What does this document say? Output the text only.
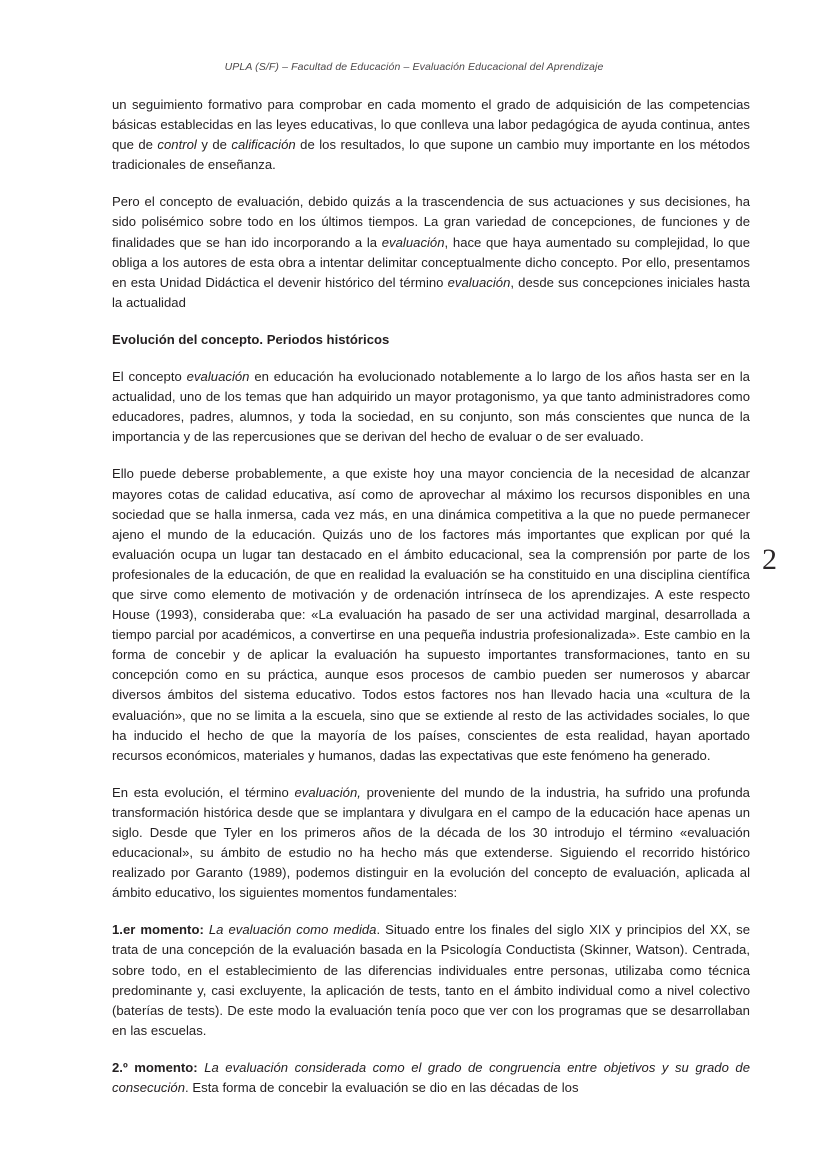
UPLA (S/F) – Facultad de Educación – Evaluación Educacional del Aprendizaje
2

un seguimiento formativo para comprobar en cada momento el grado de adquisición de las competencias básicas establecidas en las leyes educativas, lo que conlleva una labor pedagógica de ayuda continua, antes que de control y de calificación de los resultados, lo que supone un cambio muy importante en los métodos tradicionales de enseñanza.

Pero el concepto de evaluación, debido quizás a la trascendencia de sus actuaciones y sus decisiones, ha sido polisémico sobre todo en los últimos tiempos. La gran variedad de concepciones, de funciones y de finalidades que se han ido incorporando a la evaluación, hace que haya aumentado su complejidad, lo que obliga a los autores de esta obra a intentar delimitar conceptualmente dicho concepto. Por ello, presentamos en esta Unidad Didáctica el devenir histórico del término evaluación, desde sus concepciones iniciales hasta la actualidad

Evolución del concepto. Periodos históricos

El concepto evaluación en educación ha evolucionado notablemente a lo largo de los años hasta ser en la actualidad, uno de los temas que han adquirido un mayor protagonismo, ya que tanto administradores como educadores, padres, alumnos, y toda la sociedad, en su conjunto, son más conscientes que nunca de la importancia y de las repercusiones que se derivan del hecho de evaluar o de ser evaluado.

Ello puede deberse probablemente, a que existe hoy una mayor conciencia de la necesidad de alcanzar mayores cotas de calidad educativa, así como de aprovechar al máximo los recursos disponibles en una sociedad que se halla inmersa, cada vez más, en una dinámica competitiva a la que no puede permanecer ajeno el mundo de la educación. Quizás uno de los factores más importantes que explican por qué la evaluación ocupa un lugar tan destacado en el ámbito educacional, sea la comprensión por parte de los profesionales de la educación, de que en realidad la evaluación se ha constituido en una disciplina científica que sirve como elemento de motivación y de ordenación intrínseca de los aprendizajes. A este respecto House (1993), consideraba que: «La evaluación ha pasado de ser una actividad marginal, desarrollada a tiempo parcial por académicos, a convertirse en una pequeña industria profesionalizada». Este cambio en la forma de concebir y de aplicar la evaluación ha supuesto importantes transformaciones, tanto en su concepción como en su práctica, aunque esos procesos de cambio pueden ser numerosos y abarcar diversos ámbitos del sistema educativo. Todos estos factores nos han llevado hacia una «cultura de la evaluación», que no se limita a la escuela, sino que se extiende al resto de las actividades sociales, lo que ha inducido el hecho de que la mayoría de los países, conscientes de esta realidad, hayan aportado recursos económicos, materiales y humanos, dadas las expectativas que este fenómeno ha generado.

En esta evolución, el término evaluación, proveniente del mundo de la industria, ha sufrido una profunda transformación histórica desde que se implantara y divulgara en el campo de la educación hace apenas un siglo. Desde que Tyler en los primeros años de la década de los 30 introdujo el término «evaluación educacional», su ámbito de estudio no ha hecho más que extenderse. Siguiendo el recorrido histórico realizado por Garanto (1989), podemos distinguir en la evolución del concepto de evaluación, aplicada al ámbito educativo, los siguientes momentos fundamentales:

1.er momento: La evaluación como medida. Situado entre los finales del siglo XIX y principios del XX, se trata de una concepción de la evaluación basada en la Psicología Conductista (Skinner, Watson). Centrada, sobre todo, en el establecimiento de las diferencias individuales entre personas, utilizaba como técnica predominante y, casi excluyente, la aplicación de tests, tanto en el ámbito individual como a nivel colectivo (baterías de tests). De este modo la evaluación tenía poco que ver con los programas que se desarrollaban en las escuelas.

2.º momento: La evaluación considerada como el grado de congruencia entre objetivos y su grado de consecución. Esta forma de concebir la evaluación se dio en las décadas de los
